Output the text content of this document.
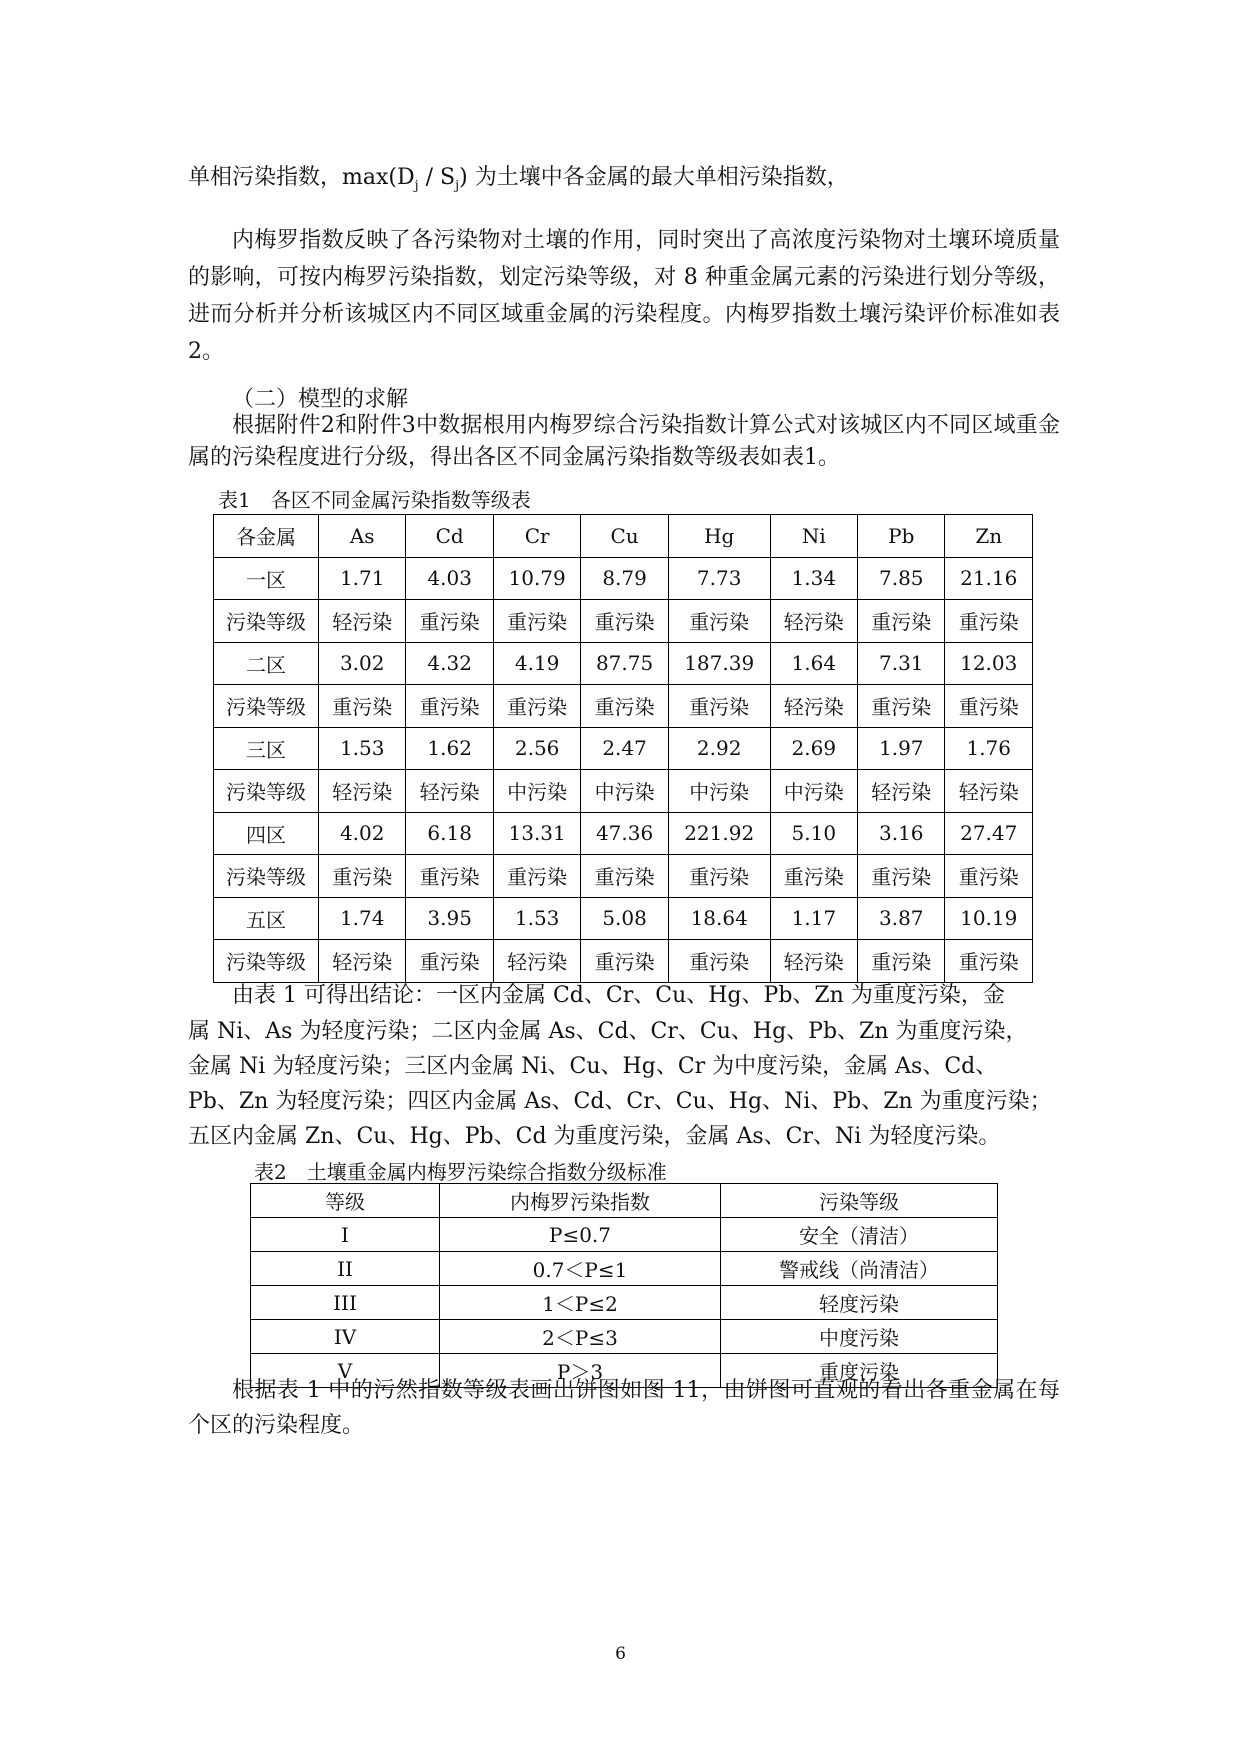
单相污染指数，$\max(D_j / S_j)$ 为土壤中各金属的最大单相污染指数，
内梅罗指数反映了各污染物对土壤的作用，同时突出了高浓度污染物对土壤环境质量的影响，可按内梅罗污染指数，划定污染等级，对 8 种重金属元素的污染进行划分等级，进而分析并分析该城区内不同区域重金属的污染程度。内梅罗指数土壤污染评价标准如表 2。
（二）模型的求解
根据附件2和附件3中数据根用内梅罗综合污染指数计算公式对该城区内不同区域重金属的污染程度进行分级，得出各区不同金属污染指数等级表如表1。
表1　各区不同金属污染指数等级表
各金属	As	Cd	Cr	Cu	Hg	Ni	Pb	Zn
一区	1.71	4.03	10.79	8.79	7.73	1.34	7.85	21.16
污染等级	轻污染	重污染	重污染	重污染	重污染	轻污染	重污染	重污染
二区	3.02	4.32	4.19	87.75	187.39	1.64	7.31	12.03
污染等级	重污染	重污染	重污染	重污染	重污染	轻污染	重污染	重污染
三区	1.53	1.62	2.56	2.47	2.92	2.69	1.97	1.76
污染等级	轻污染	轻污染	中污染	中污染	中污染	中污染	轻污染	轻污染
四区	4.02	6.18	13.31	47.36	221.92	5.10	3.16	27.47
污染等级	重污染	重污染	重污染	重污染	重污染	重污染	重污染	重污染
五区	1.74	3.95	1.53	5.08	18.64	1.17	3.87	10.19
污染等级	轻污染	重污染	轻污染	重污染	重污染	轻污染	重污染	重污染
由表 1 可得出结论：一区内金属 Cd、Cr、Cu、Hg、Pb、Zn 为重度污染，金
属 Ni、As 为轻度污染；二区内金属 As、Cd、Cr、Cu、Hg、Pb、Zn 为重度污染，
金属 Ni 为轻度污染；三区内金属 Ni、Cu、Hg、Cr 为中度污染，金属 As、Cd、
Pb、Zn 为轻度污染；四区内金属 As、Cd、Cr、Cu、Hg、Ni、Pb、Zn 为重度污染；
五区内金属 Zn、Cu、Hg、Pb、Cd 为重度污染，金属 As、Cr、Ni 为轻度污染。
表2　土壤重金属内梅罗污染综合指数分级标准
等级	内梅罗污染指数	污染等级
I	P≤0.7	安全（清洁）
II	0.7＜P≤1	警戒线（尚清洁）
III	1＜P≤2	轻度污染
IV	2＜P≤3	中度污染
V	P＞3	重度污染
根据表 1 中的污然指数等级表画出饼图如图 11，由饼图可直观的看出各重金属在每个区的污染程度。
6
